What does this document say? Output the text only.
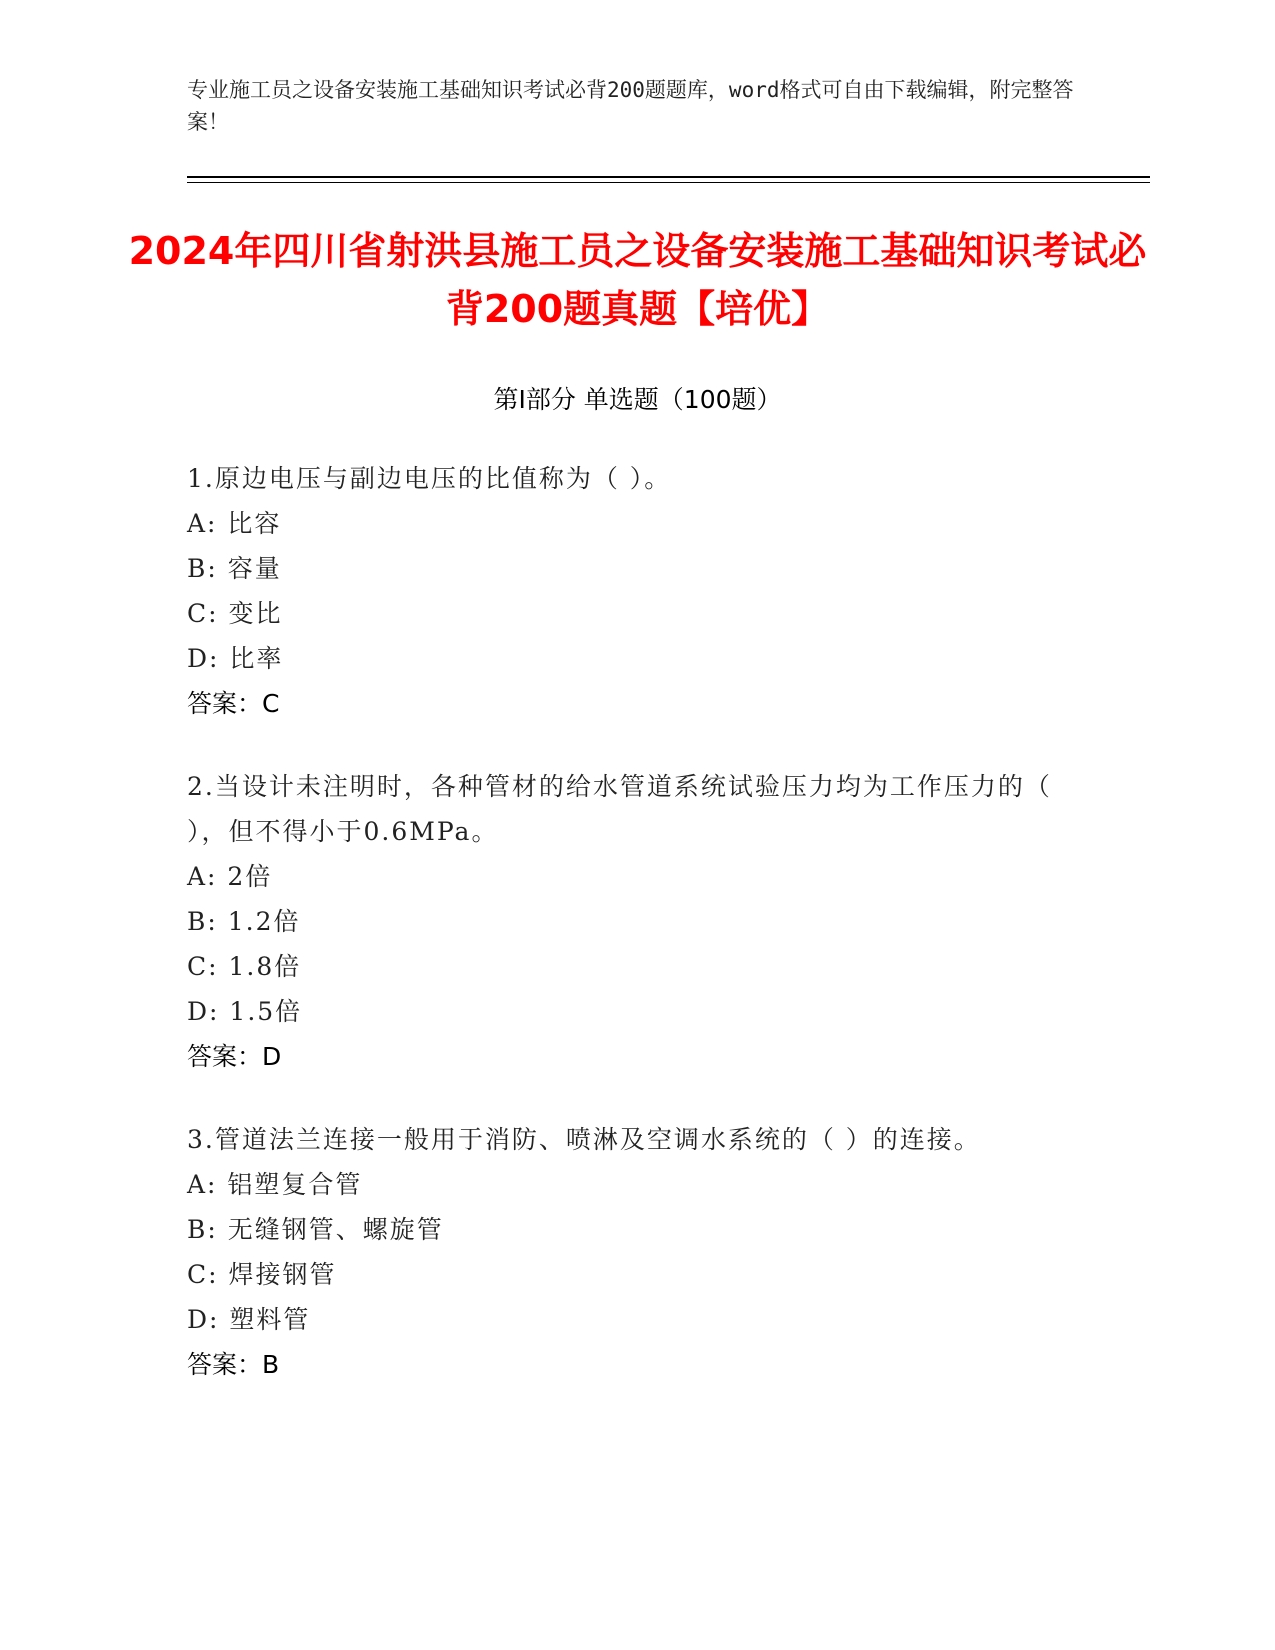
专业施工员之设备安装施工基础知识考试必背200题题库，word格式可自由下载编辑，附完整答案！
2024年四川省射洪县施工员之设备安装施工基础知识考试必背200题真题【培优】
第I部分 单选题（100题）

1.原边电压与副边电压的比值称为（ ）。

A: 比容

B: 容量

C: 变比

D: 比率

答案：C

2.当设计未注明时，各种管材的给水管道系统试验压力均为工作压力的（ ），但不得小于0.6MPa。

A: 2倍

B: 1.2倍

C: 1.8倍

D: 1.5倍

答案：D

3.管道法兰连接一般用于消防、喷淋及空调水系统的（ ）的连接。

A: 铝塑复合管

B: 无缝钢管、螺旋管

C: 焊接钢管

D: 塑料管

答案：B
